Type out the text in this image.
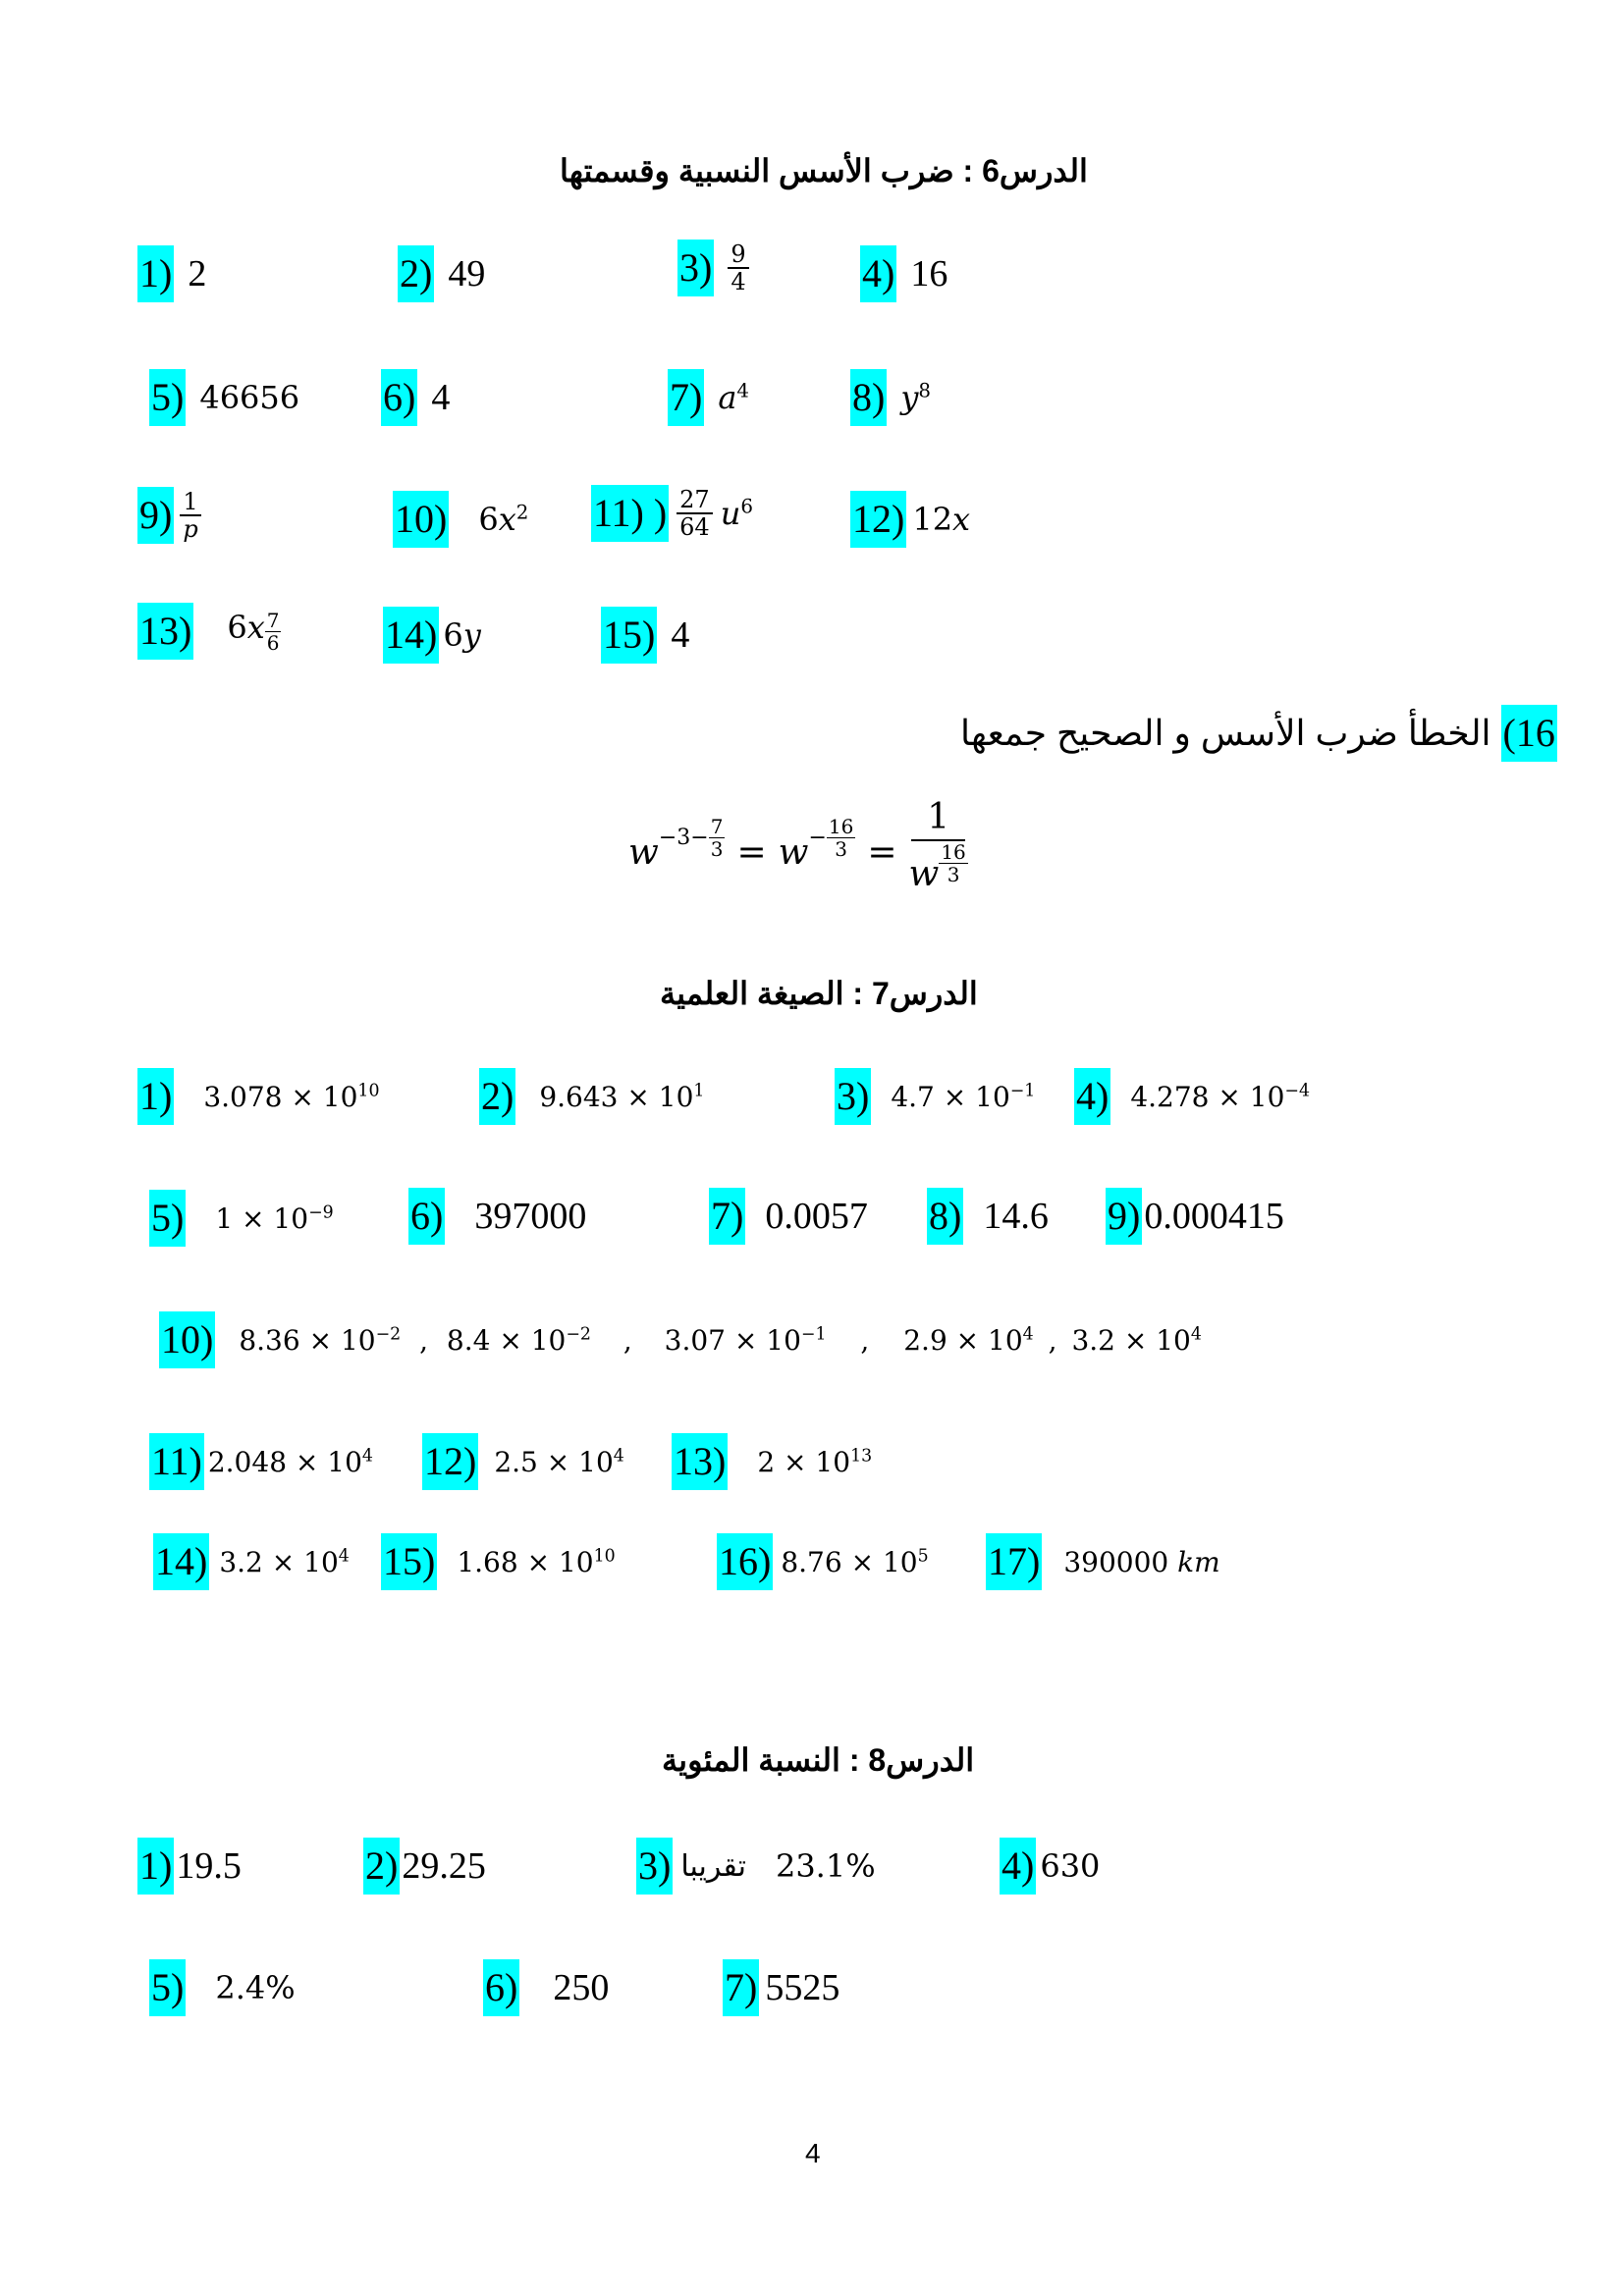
الدرس6 : ضرب الأسس النسبية وقسمتها
1) 2	2) 49	$3) \frac{9}{4}$	4) 16
5) 46656 6) 4	7) $a^4$	8) $y^8$
$9) \frac{1}{p}$	10) $6x^2$ 11) ) $\frac{27}{64} u^6$	12) 12x
13) $6x \frac{7}{6}$	14) 6y	15) 4
16)
الخطأ ضرب الأسس و الصحيح جمعها
$w -3- \frac{7}{3} = w - \frac{16}{3} = \frac{1}{w \frac{16}{3}}$
الدرس7 : الصيغة العلمية
1) $3.078 \times 10^{10}$	2) $9.643 \times 10^1$	3) $4.7 \times 10^{-1}$ 4) $4.278 \times 10^{-4}$
5) $1 \times 10^{-9}$ 6) 397000	7) 0.0057 8) 14.6 9) 0.000415
10) $8.36 \times 10^{-2}$ , $8.4 \times 10^{-2}$ , $3.07 \times 10^{-1}$ , $2.9 \times 10^4$ , $3.2 \times 10^4$
11) $2.048 \times 10^4$ 12) $2.5 \times 10^4$ 13) $2 \times 10^{13}$
14) $3.2 \times 10^4$ 15) $1.68 \times 10^{10}$	16) $8.76 \times 10^5$ 17) 390000 km
الدرس8 : النسبة المئوية
1) 19.5	2) 29.25	3) تقريبا 23.1%	4) 630
5) 2.4%	6) 250	7) 5525
4
